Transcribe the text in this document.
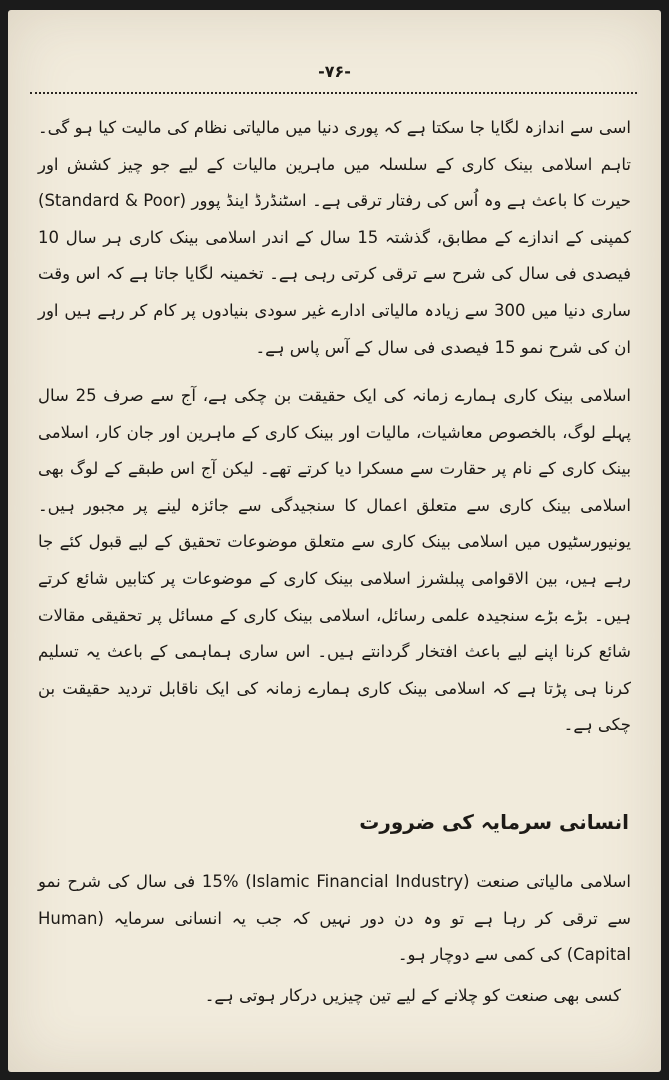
-۷۶-

اسی سے اندازہ لگایا جا سکتا ہے کہ پوری دنیا میں مالیاتی نظام کی مالیت کیا ہو گی۔ تاہم اسلامی بینک کاری کے سلسلہ میں ماہرین مالیات کے لیے جو چیز کشش اور حیرت کا باعث ہے وہ اُس کی رفتار ترقی ہے۔ اسٹنڈرڈ اینڈ پوور (Standard & Poor) کمپنی کے اندازے کے مطابق، گذشتہ 15 سال کے اندر اسلامی بینک کاری ہر سال 10 فیصدی فی سال کی شرح سے ترقی کرتی رہی ہے۔ تخمینہ لگایا جاتا ہے کہ اس وقت ساری دنیا میں 300 سے زیادہ مالیاتی ادارے غیر سودی بنیادوں پر کام کر رہے ہیں اور ان کی شرح نمو 15 فیصدی فی سال کے آس پاس ہے۔

اسلامی بینک کاری ہمارے زمانہ کی ایک حقیقت بن چکی ہے، آج سے صرف 25 سال پہلے لوگ، بالخصوص معاشیات، مالیات اور بینک کاری کے ماہرین اور جان کار، اسلامی بینک کاری کے نام پر حقارت سے مسکرا دیا کرتے تھے۔ لیکن آج اس طبقے کے لوگ بھی اسلامی بینک کاری سے متعلق اعمال کا سنجیدگی سے جائزہ لینے پر مجبور ہیں۔ یونیورسٹیوں میں اسلامی بینک کاری سے متعلق موضوعات تحقیق کے لیے قبول کئے جا رہے ہیں، بین الاقوامی پبلشرز اسلامی بینک کاری کے موضوعات پر کتابیں شائع کرتے ہیں۔ بڑے بڑے سنجیدہ علمی رسائل، اسلامی بینک کاری کے مسائل پر تحقیقی مقالات شائع کرنا اپنے لیے باعث افتخار گردانتے ہیں۔ اس ساری ہماہمی کے باعث یہ تسلیم کرنا ہی پڑتا ہے کہ اسلامی بینک کاری ہمارے زمانہ کی ایک ناقابل تردید حقیقت بن چکی ہے۔

انسانی سرمایہ کی ضرورت

اسلامی مالیاتی صنعت (Islamic Financial Industry) 15% فی سال کی شرح نمو سے ترقی کر رہا ہے تو وہ دن دور نہیں کہ جب یہ انسانی سرمایہ (Human Capital) کی کمی سے دوچار ہو۔

کسی بھی صنعت کو چلانے کے لیے تین چیزیں درکار ہوتی ہے۔
